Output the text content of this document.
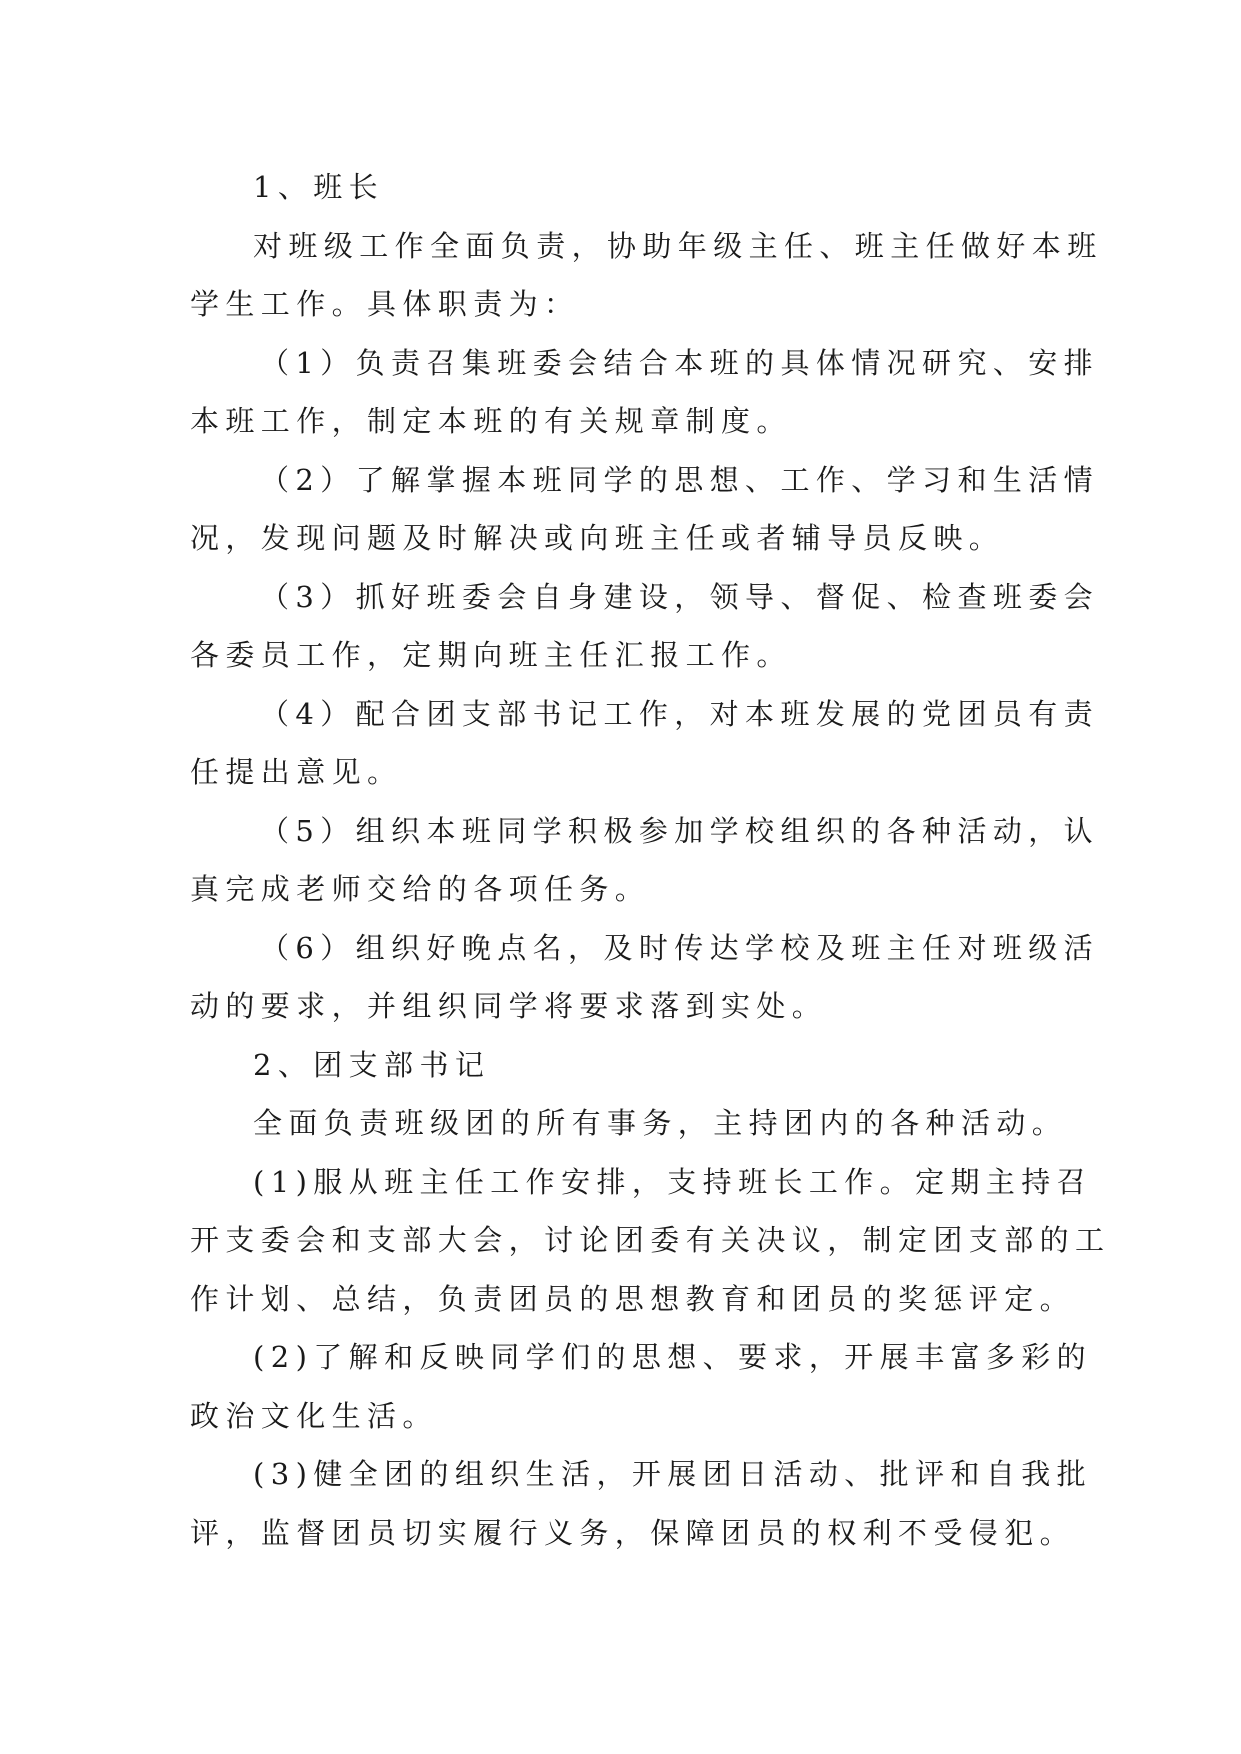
1、班长
对班级工作全面负责，协助年级主任、班主任做好本班
学生工作。具体职责为：
（1）负责召集班委会结合本班的具体情况研究、安排
本班工作，制定本班的有关规章制度。
（2）了解掌握本班同学的思想、工作、学习和生活情
况，发现问题及时解决或向班主任或者辅导员反映。
（3）抓好班委会自身建设，领导、督促、检查班委会
各委员工作，定期向班主任汇报工作。
（4）配合团支部书记工作，对本班发展的党团员有责
任提出意见。
（5）组织本班同学积极参加学校组织的各种活动，认
真完成老师交给的各项任务。
（6）组织好晚点名，及时传达学校及班主任对班级活
动的要求，并组织同学将要求落到实处。
2、团支部书记
全面负责班级团的所有事务，主持团内的各种活动。
(1)服从班主任工作安排，支持班长工作。定期主持召
开支委会和支部大会，讨论团委有关决议，制定团支部的工
作计划、总结，负责团员的思想教育和团员的奖惩评定。
(2)了解和反映同学们的思想、要求，开展丰富多彩的
政治文化生活。
(3)健全团的组织生活，开展团日活动、批评和自我批
评，监督团员切实履行义务，保障团员的权利不受侵犯。
